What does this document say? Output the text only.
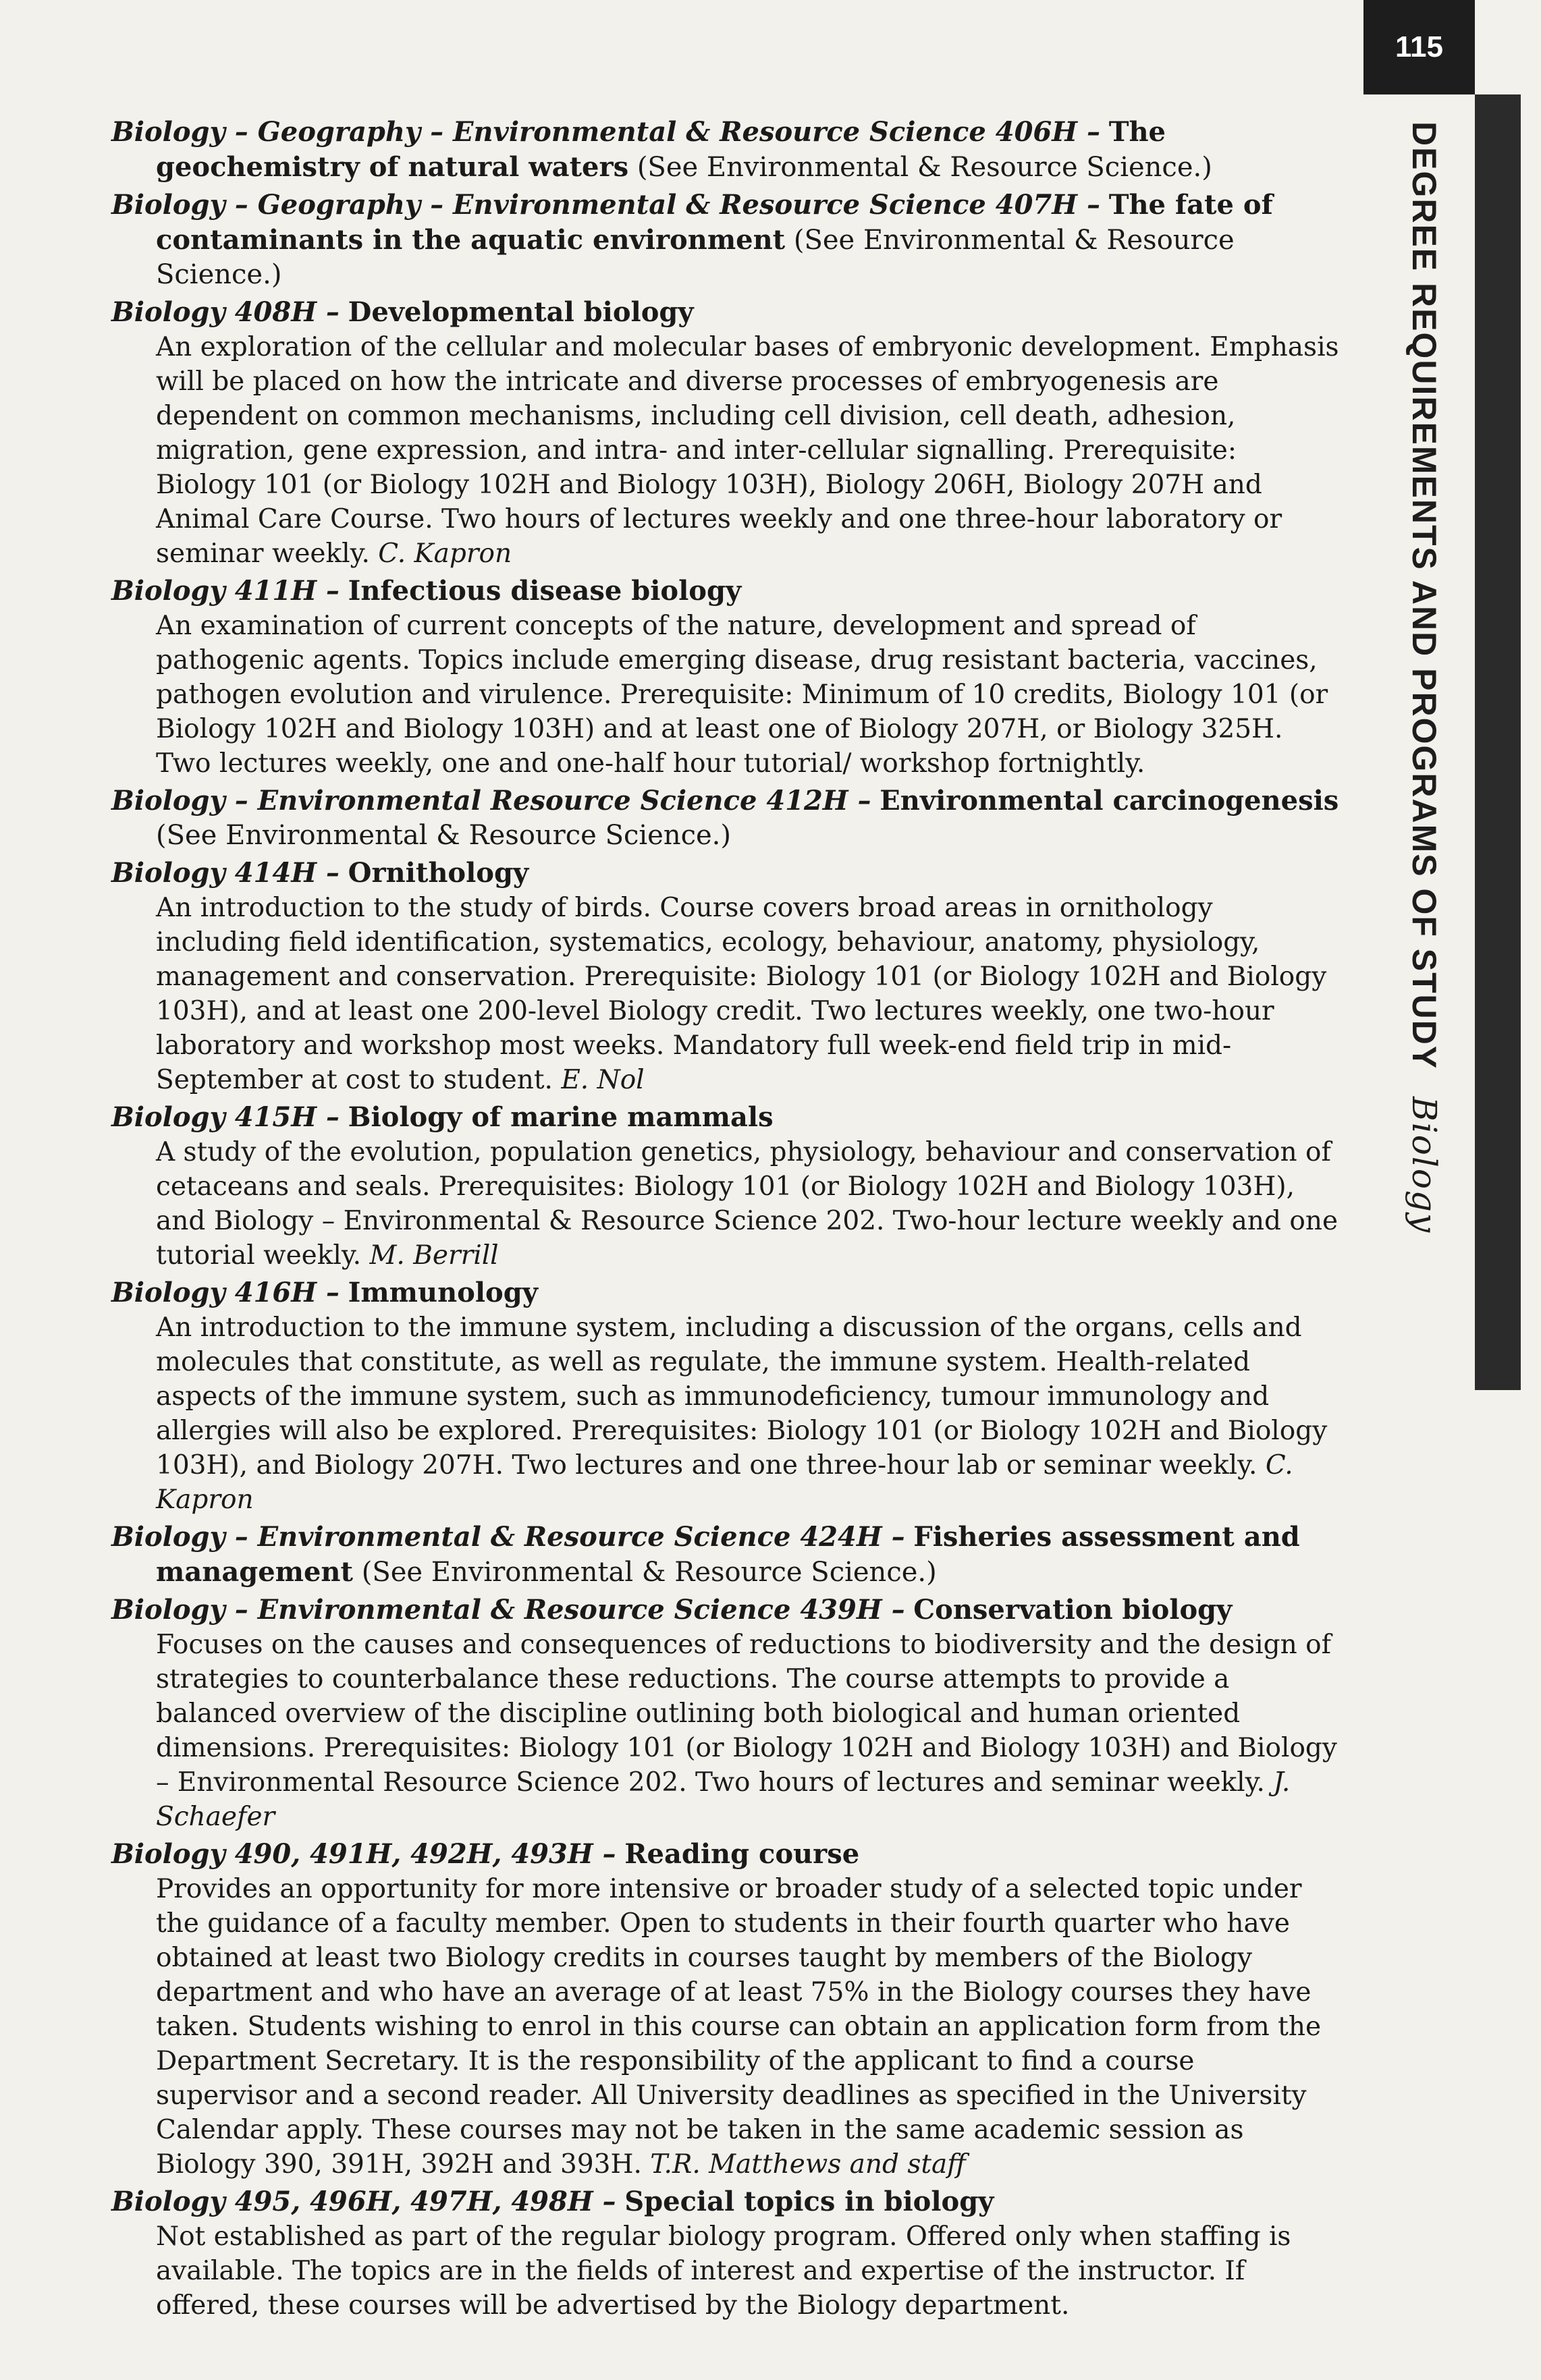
115
DEGREE REQUIREMENTS AND PROGRAMS OF STUDYBiology
Biology – Geography – Environmental & Resource Science 406H – The geochemistry of natural waters (See Environmental & Resource Science.)
Biology – Geography – Environmental & Resource Science 407H – The fate of contaminants in the aquatic environment (See Environmental & Resource Science.)
Biology 408H – Developmental biology
An exploration of the cellular and molecular bases of embryonic development. Emphasis will be placed on how the intricate and diverse processes of embryogenesis are dependent on common mechanisms, including cell division, cell death, adhesion, migration, gene expression, and intra- and inter-cellular signalling. Prerequisite: Biology 101 (or Biology 102H and Biology 103H), Biology 206H, Biology 207H and Animal Care Course. Two hours of lectures weekly and one three-hour laboratory or seminar weekly. C. Kapron
Biology 411H – Infectious disease biology
An examination of current concepts of the nature, development and spread of pathogenic agents. Topics include emerging disease, drug resistant bacteria, vaccines, pathogen evolution and virulence. Prerequisite: Minimum of 10 credits, Biology 101 (or Biology 102H and Biology 103H) and at least one of Biology 207H, or Biology 325H. Two lectures weekly, one and one-half hour tutorial/ workshop fortnightly.
Biology – Environmental Resource Science 412H – Environmental carcinogenesis (See Environmental & Resource Science.)
Biology 414H – Ornithology
An introduction to the study of birds. Course covers broad areas in ornithology including field identification, systematics, ecology, behaviour, anatomy, physiology, management and conservation. Prerequisite: Biology 101 (or Biology 102H and Biology 103H), and at least one 200-level Biology credit. Two lectures weekly, one two-hour laboratory and workshop most weeks. Mandatory full week-end field trip in mid-September at cost to student. E. Nol
Biology 415H – Biology of marine mammals
A study of the evolution, population genetics, physiology, behaviour and conservation of cetaceans and seals. Prerequisites: Biology 101 (or Biology 102H and Biology 103H), and Biology – Environmental & Resource Science 202. Two-hour lecture weekly and one tutorial weekly. M. Berrill
Biology 416H – Immunology
An introduction to the immune system, including a discussion of the organs, cells and molecules that constitute, as well as regulate, the immune system. Health-related aspects of the immune system, such as immunodeficiency, tumour immunology and allergies will also be explored. Prerequisites: Biology 101 (or Biology 102H and Biology 103H), and Biology 207H. Two lectures and one three-hour lab or seminar weekly. C. Kapron
Biology – Environmental & Resource Science 424H – Fisheries assessment and management (See Environmental & Resource Science.)
Biology – Environmental & Resource Science 439H – Conservation biology
Focuses on the causes and consequences of reductions to biodiversity and the design of strategies to counterbalance these reductions. The course attempts to provide a balanced overview of the discipline outlining both biological and human oriented dimensions. Prerequisites: Biology 101 (or Biology 102H and Biology 103H) and Biology – Environmental Resource Science 202. Two hours of lectures and seminar weekly. J. Schaefer
Biology 490, 491H, 492H, 493H – Reading course
Provides an opportunity for more intensive or broader study of a selected topic under the guidance of a faculty member. Open to students in their fourth quarter who have obtained at least two Biology credits in courses taught by members of the Biology department and who have an average of at least 75% in the Biology courses they have taken. Students wishing to enrol in this course can obtain an application form from the Department Secretary. It is the responsibility of the applicant to find a course supervisor and a second reader. All University deadlines as specified in the University Calendar apply. These courses may not be taken in the same academic session as Biology 390, 391H, 392H and 393H. T.R. Matthews and staff
Biology 495, 496H, 497H, 498H – Special topics in biology
Not established as part of the regular biology program. Offered only when staffing is available. The topics are in the fields of interest and expertise of the instructor. If offered, these courses will be advertised by the Biology department.
